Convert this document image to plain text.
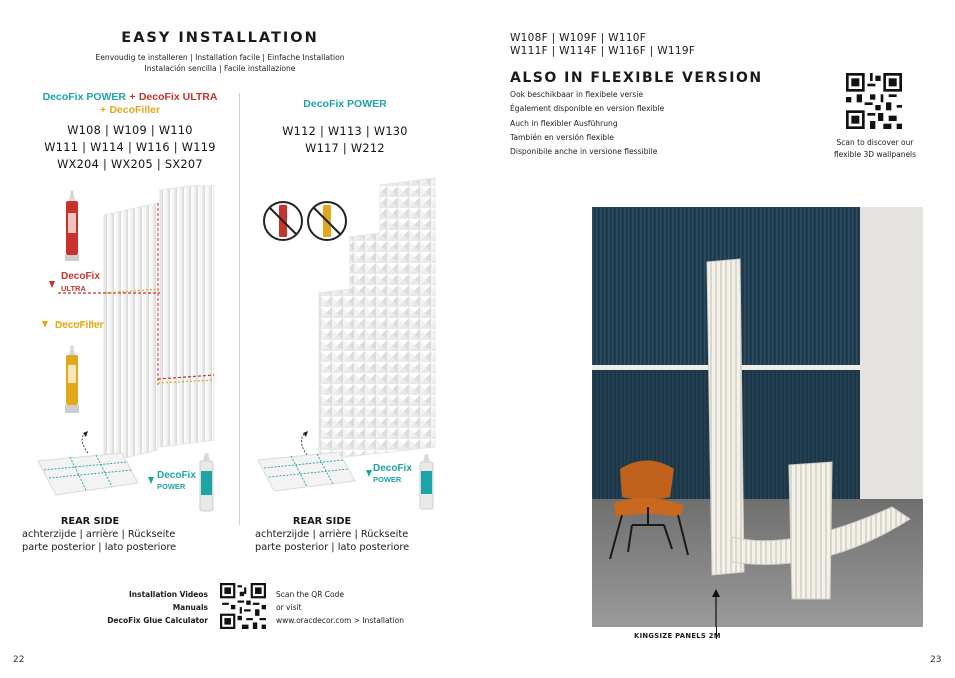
EASY INSTALLATION
Eenvoudig te installeren | Installation facile | Einfache Installation
Instalación sencilla | Facile installazione
DecoFix POWER + DecoFix ULTRA
+ DecoFiller
W108 | W109 | W110
W111 | W114 | W116 | W119
WX204 | WX205 | SX207
DecoFix
ULTRA
DecoFiller
DecoFix
POWER
REAR SIDE
achterzijde | arrière | Rückseite
parte posterior | lato posteriore
DecoFix POWER
W112 | W113 | W130
W117 | W212
DecoFix
POWER
REAR SIDE
achterzijde | arrière | Rückseite
parte posterior | lato posteriore
Installation Videos
Manuals
DecoFix Glue Calculator
Scan the QR Code
or visit
www.oracdecor.com > Installation
22
W108F | W109F | W110F
W111F | W114F | W116F | W119F
ALSO IN FLEXIBLE VERSION
Ook beschikbaar in flexibele versie
Également disponible en version flexible
Auch in flexibler Ausführung
También en versión flexible
Disponibile anche in versione flessibile
Scan to discover our
flexible 3D wallpanels
KINGSIZE PANELS 2M
23
